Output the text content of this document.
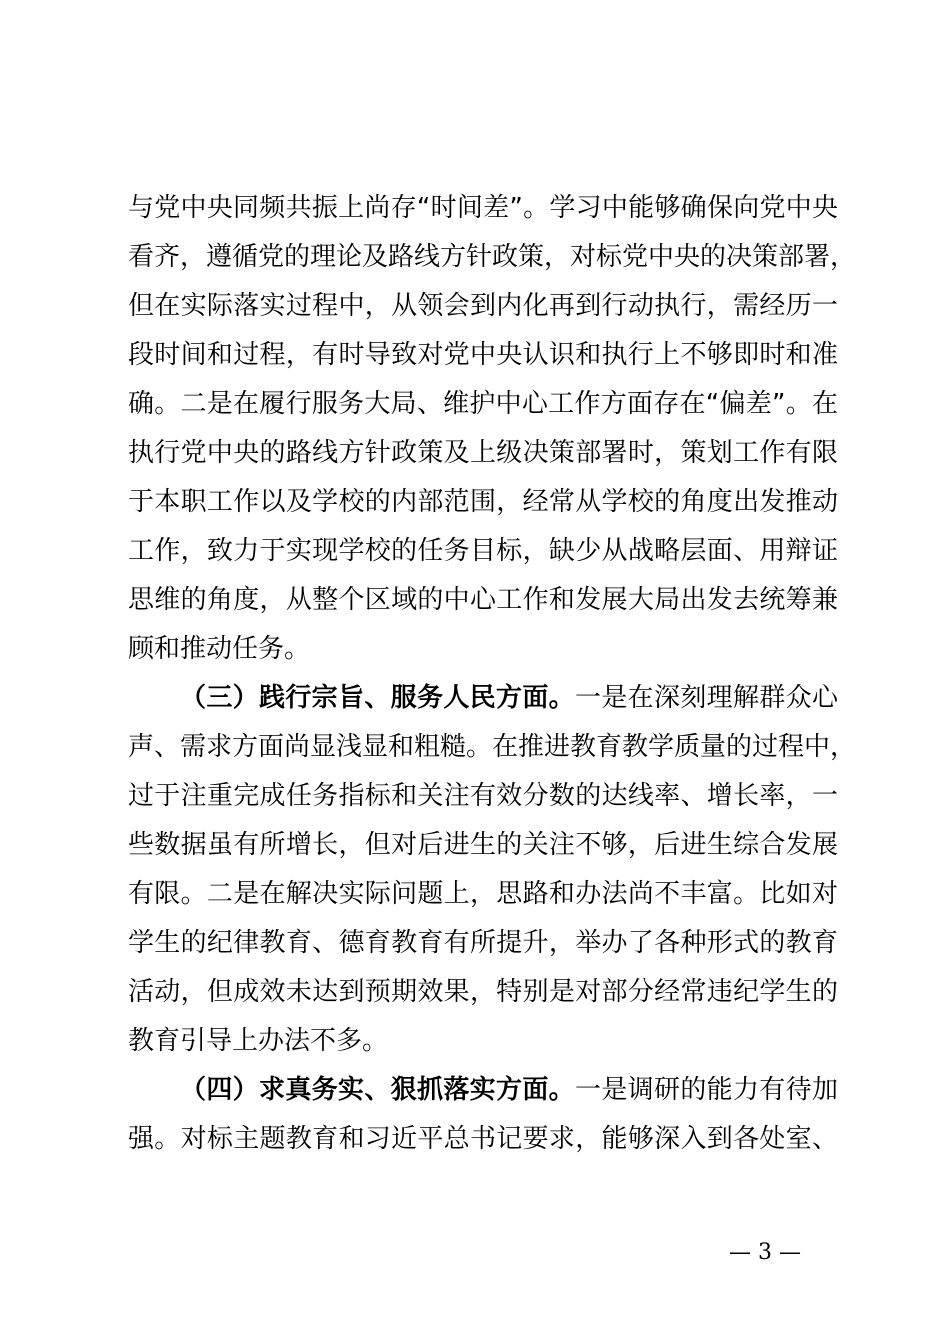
与党中央同频共振上尚存“时间差”。学习中能够确保向党中央
看齐，遵循党的理论及路线方针政策，对标党中央的决策部署，
但在实际落实过程中，从领会到内化再到行动执行，需经历一
段时间和过程，有时导致对党中央认识和执行上不够即时和准
确。二是在履行服务大局、维护中心工作方面存在“偏差”。在
执行党中央的路线方针政策及上级决策部署时，策划工作有限
于本职工作以及学校的内部范围，经常从学校的角度出发推动
工作，致力于实现学校的任务目标，缺少从战略层面、用辩证
思维的角度，从整个区域的中心工作和发展大局出发去统筹兼
顾和推动任务。
（三）践行宗旨、服务人民方面。一是在深刻理解群众心
声、需求方面尚显浅显和粗糙。在推进教育教学质量的过程中，
过于注重完成任务指标和关注有效分数的达线率、增长率，一
些数据虽有所增长，但对后进生的关注不够，后进生综合发展
有限。二是在解决实际问题上，思路和办法尚不丰富。比如对
学生的纪律教育、德育教育有所提升，举办了各种形式的教育
活动，但成效未达到预期效果，特别是对部分经常违纪学生的
教育引导上办法不多。
（四）求真务实、狠抓落实方面。一是调研的能力有待加
强。对标主题教育和习近平总书记要求，能够深入到各处室、
— 3 —
